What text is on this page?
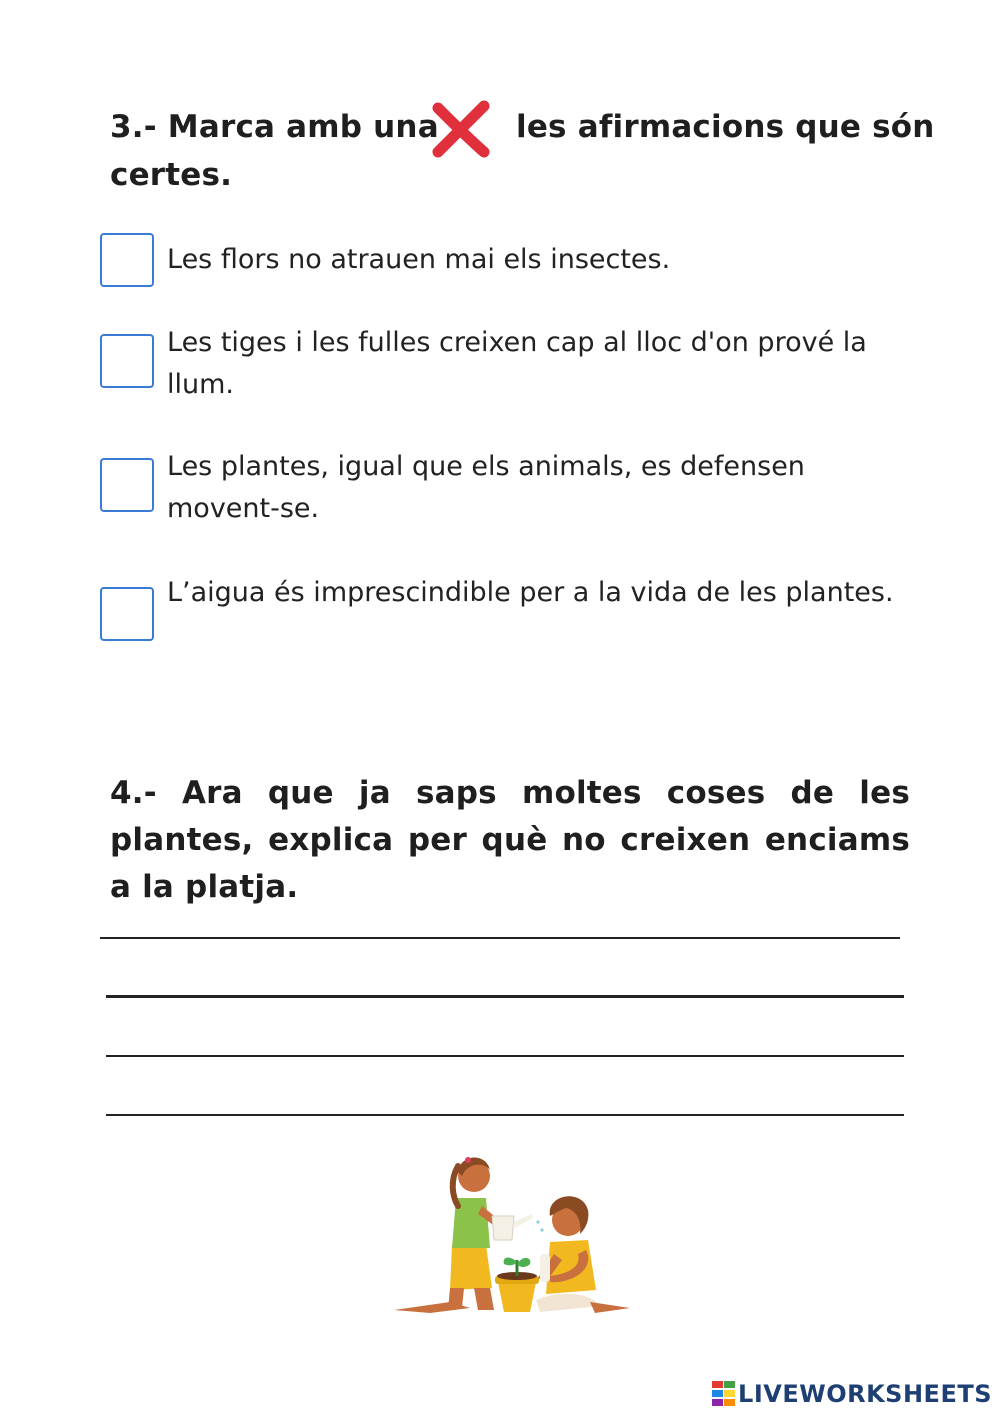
3.- Marca amb una les afirmacions que són
certes.
Les flors no atrauen mai els insectes.
Les tiges i les fulles creixen cap al lloc d'on prové la llum.
Les plantes, igual que els animals, es defensen movent-se.
L’aigua és imprescindible per a la vida de les plantes.
4.- Ara que ja saps moltes coses de les plantes, explica per què no creixen enciams a la platja.
LIVEWORKSHEETS
